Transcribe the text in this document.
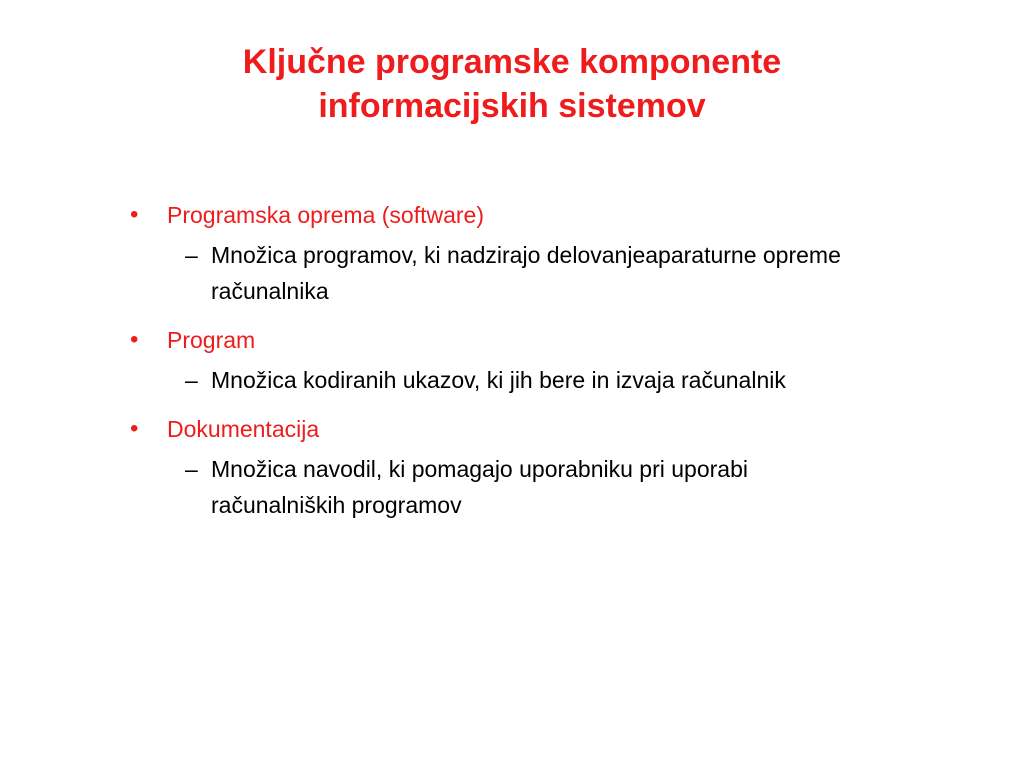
Ključne programske komponente
informacijskih sistemov
•	Programska oprema (software)
– Množica programov, ki nadzirajo delovanjeaparaturne opreme računalnika
•	Program
– Množica kodiranih ukazov, ki jih bere in izvaja računalnik
•	Dokumentacija
– Množica navodil, ki pomagajo uporabniku pri uporabi računalniških programov
